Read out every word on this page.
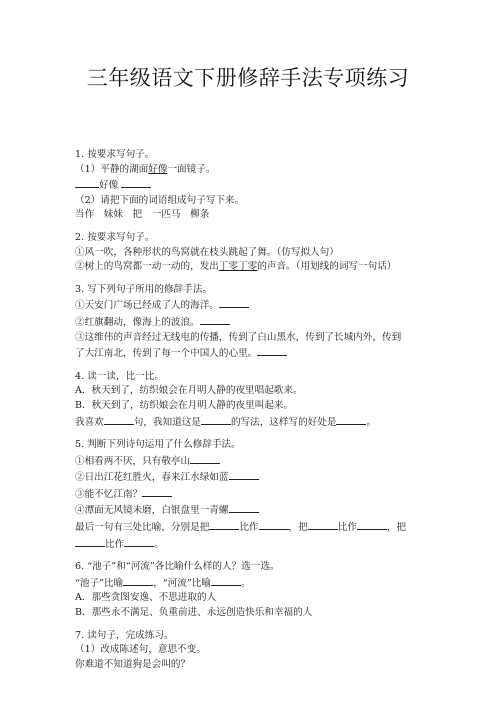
三年级语文下册修辞手法专项练习
1. 按要求写句子。
（1）平静的湖面好像一面镜子。
好像
（2）请把下面的词语组成句子写下来。
当作　妹妹　把　一匹马　柳条
2. 按要求写句子。
①风一吹，各种形状的鸟窝就在枝头跳起了舞。（仿写拟人句）
②树上的鸟窝都一动一动的，发出丁零丁零的声音。（用划线的词写一句话）
3. 写下列句子所用的修辞手法。
①天安门广场已经成了人的海洋。
②红旗翻动，像海上的波浪。
③这维伟的声音经过无线电的传播，传到了白山黑水，传到了长城内外，传到
了大江南北，传到了每一个中国人的心里。
4. 读一读，比一比。
A．秋天到了，纺织娘会在月明人静的夜里唱起歌来。
B．秋天到了，纺织娘会在月明人静的夜里叫起来。
我喜欢	句，我知道这是	的写法，这样写的好处是	。
5. 判断下列诗句运用了什么修辞手法。
①相看两不厌，只有敬亭山
②日出江花红胜火，春来江水绿如蓝
③能不忆江南？
④潭面无风镜未磨，白银盘里一青螺
最后一句有三处比喻，分别是把	比作	，把	比作	，把
比作	。
6. “池子”和“河流”各比喻什么样的人？选一选。
“池子”比喻	，“河流”比喻	。
A．那些贪图安逸、不思进取的人
B．那些永不满足、负重前进、永远创造快乐和幸福的人
7. 读句子，完成练习。
（1）改成陈述句，意思不变。
你难道不知道狗是会叫的？
